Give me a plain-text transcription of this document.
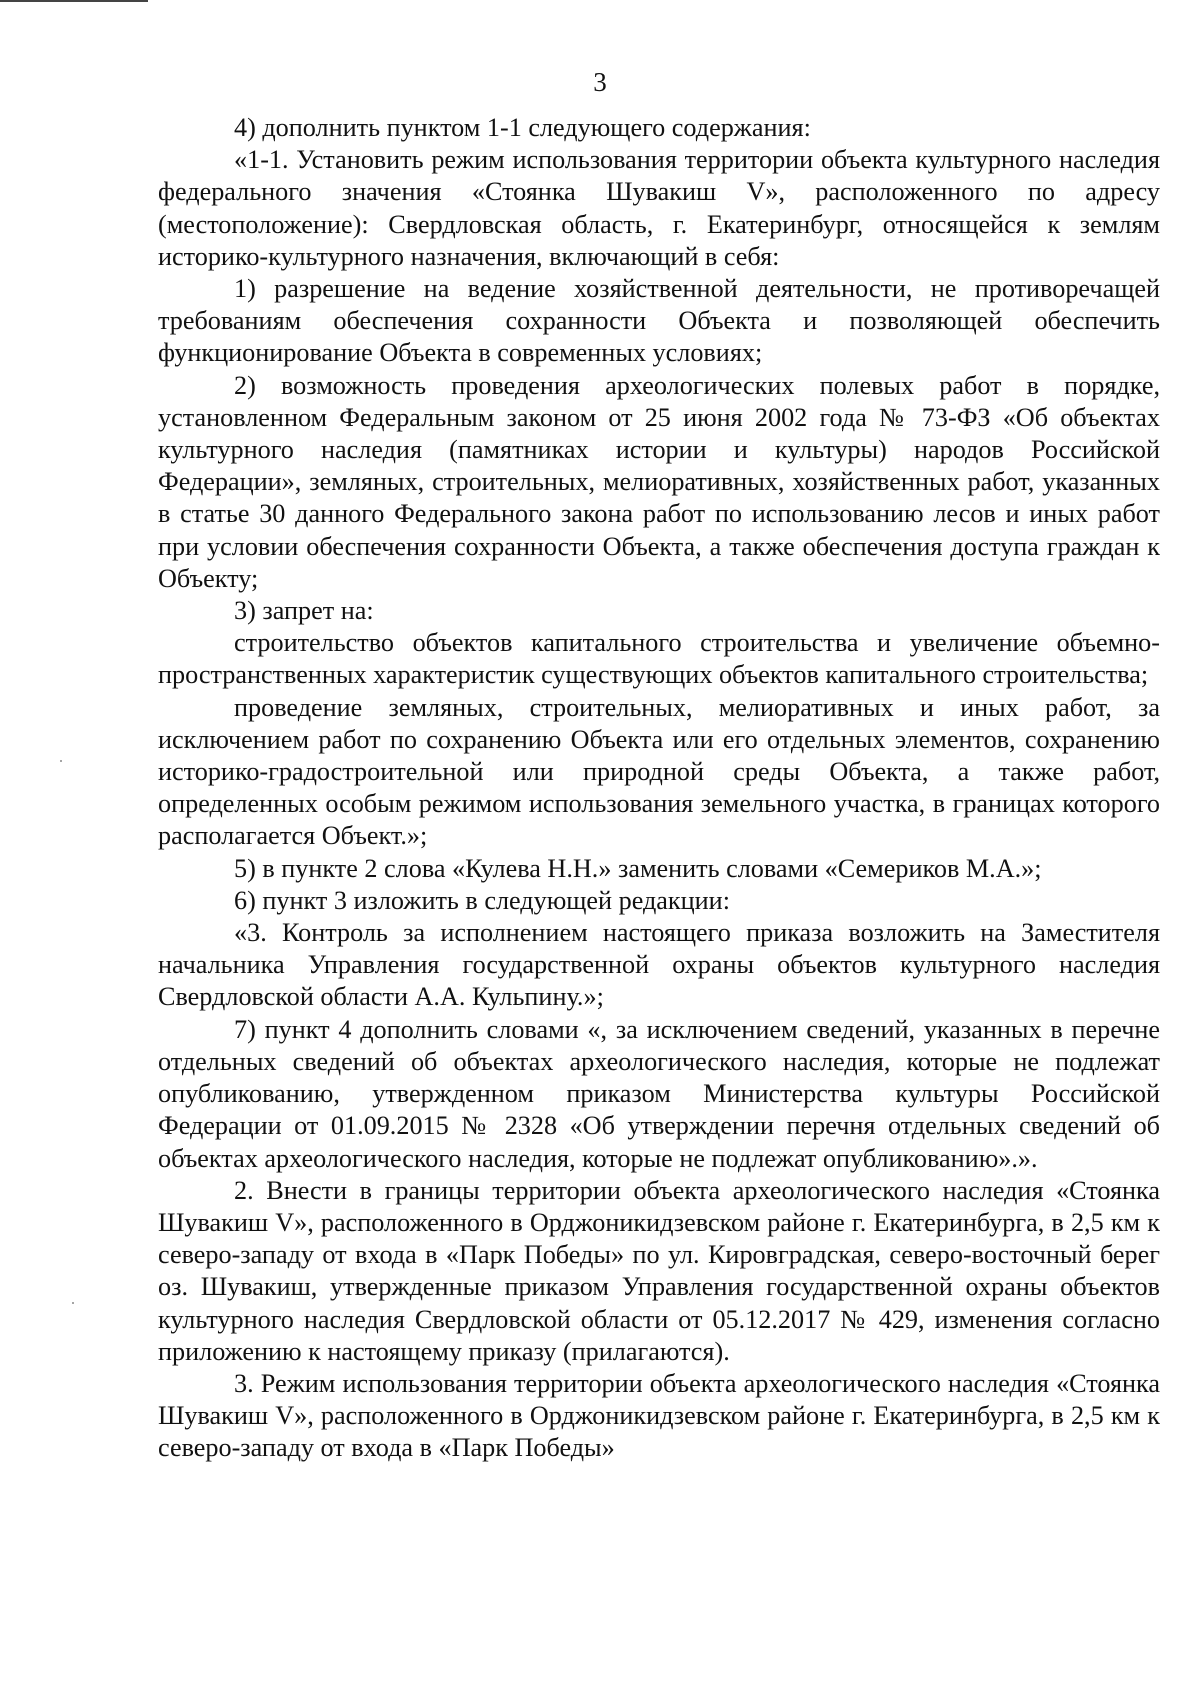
3

4) дополнить пунктом 1-1 следующего содержания:

«1-1. Установить режим использования территории объекта культурного наследия федерального значения «Стоянка Шувакиш V», расположенного по адресу (местоположение): Свердловская область, г. Екатеринбург, относящейся к землям историко-культурного назначения, включающий в себя:

1) разрешение на ведение хозяйственной деятельности, не противоречащей требованиям обеспечения сохранности Объекта и позволяющей обеспечить функционирование Объекта в современных условиях;

2) возможность проведения археологических полевых работ в порядке, установленном Федеральным законом от 25 июня 2002 года № 73-ФЗ «Об объектах культурного наследия (памятниках истории и культуры) народов Российской Федерации», земляных, строительных, мелиоративных, хозяйственных работ, указанных в статье 30 данного Федерального закона работ по использованию лесов и иных работ при условии обеспечения сохранности Объекта, а также обеспечения доступа граждан к Объекту;

3) запрет на:

строительство объектов капитального строительства и увеличение объемно-пространственных характеристик существующих объектов капитального строительства;

проведение земляных, строительных, мелиоративных и иных работ, за исключением работ по сохранению Объекта или его отдельных элементов, сохранению историко-градостроительной или природной среды Объекта, а также работ, определенных особым режимом использования земельного участка, в границах которого располагается Объект.»;

5) в пункте 2 слова «Кулева Н.Н.» заменить словами «Семериков М.А.»;

6) пункт 3 изложить в следующей редакции:

«3. Контроль за исполнением настоящего приказа возложить на Заместителя начальника Управления государственной охраны объектов культурного наследия Свердловской области А.А. Кульпину.»;

7) пункт 4 дополнить словами «, за исключением сведений, указанных в перечне отдельных сведений об объектах археологического наследия, которые не подлежат опубликованию, утвержденном приказом Министерства культуры Российской Федерации от 01.09.2015 № 2328 «Об утверждении перечня отдельных сведений об объектах археологического наследия, которые не подлежат опубликованию».».

2. Внести в границы территории объекта археологического наследия «Стоянка Шувакиш V», расположенного в Орджоникидзевском районе г. Екатеринбурга, в 2,5 км к северо-западу от входа в «Парк Победы» по ул. Кировградская, северо-восточный берег оз. Шувакиш, утвержденные приказом Управления государственной охраны объектов культурного наследия Свердловской области от 05.12.2017 № 429, изменения согласно приложению к настоящему приказу (прилагаются).

3. Режим использования территории объекта археологического наследия «Стоянка Шувакиш V», расположенного в Орджоникидзевском районе г. Екатеринбурга, в 2,5 км к северо-западу от входа в «Парк Победы»
